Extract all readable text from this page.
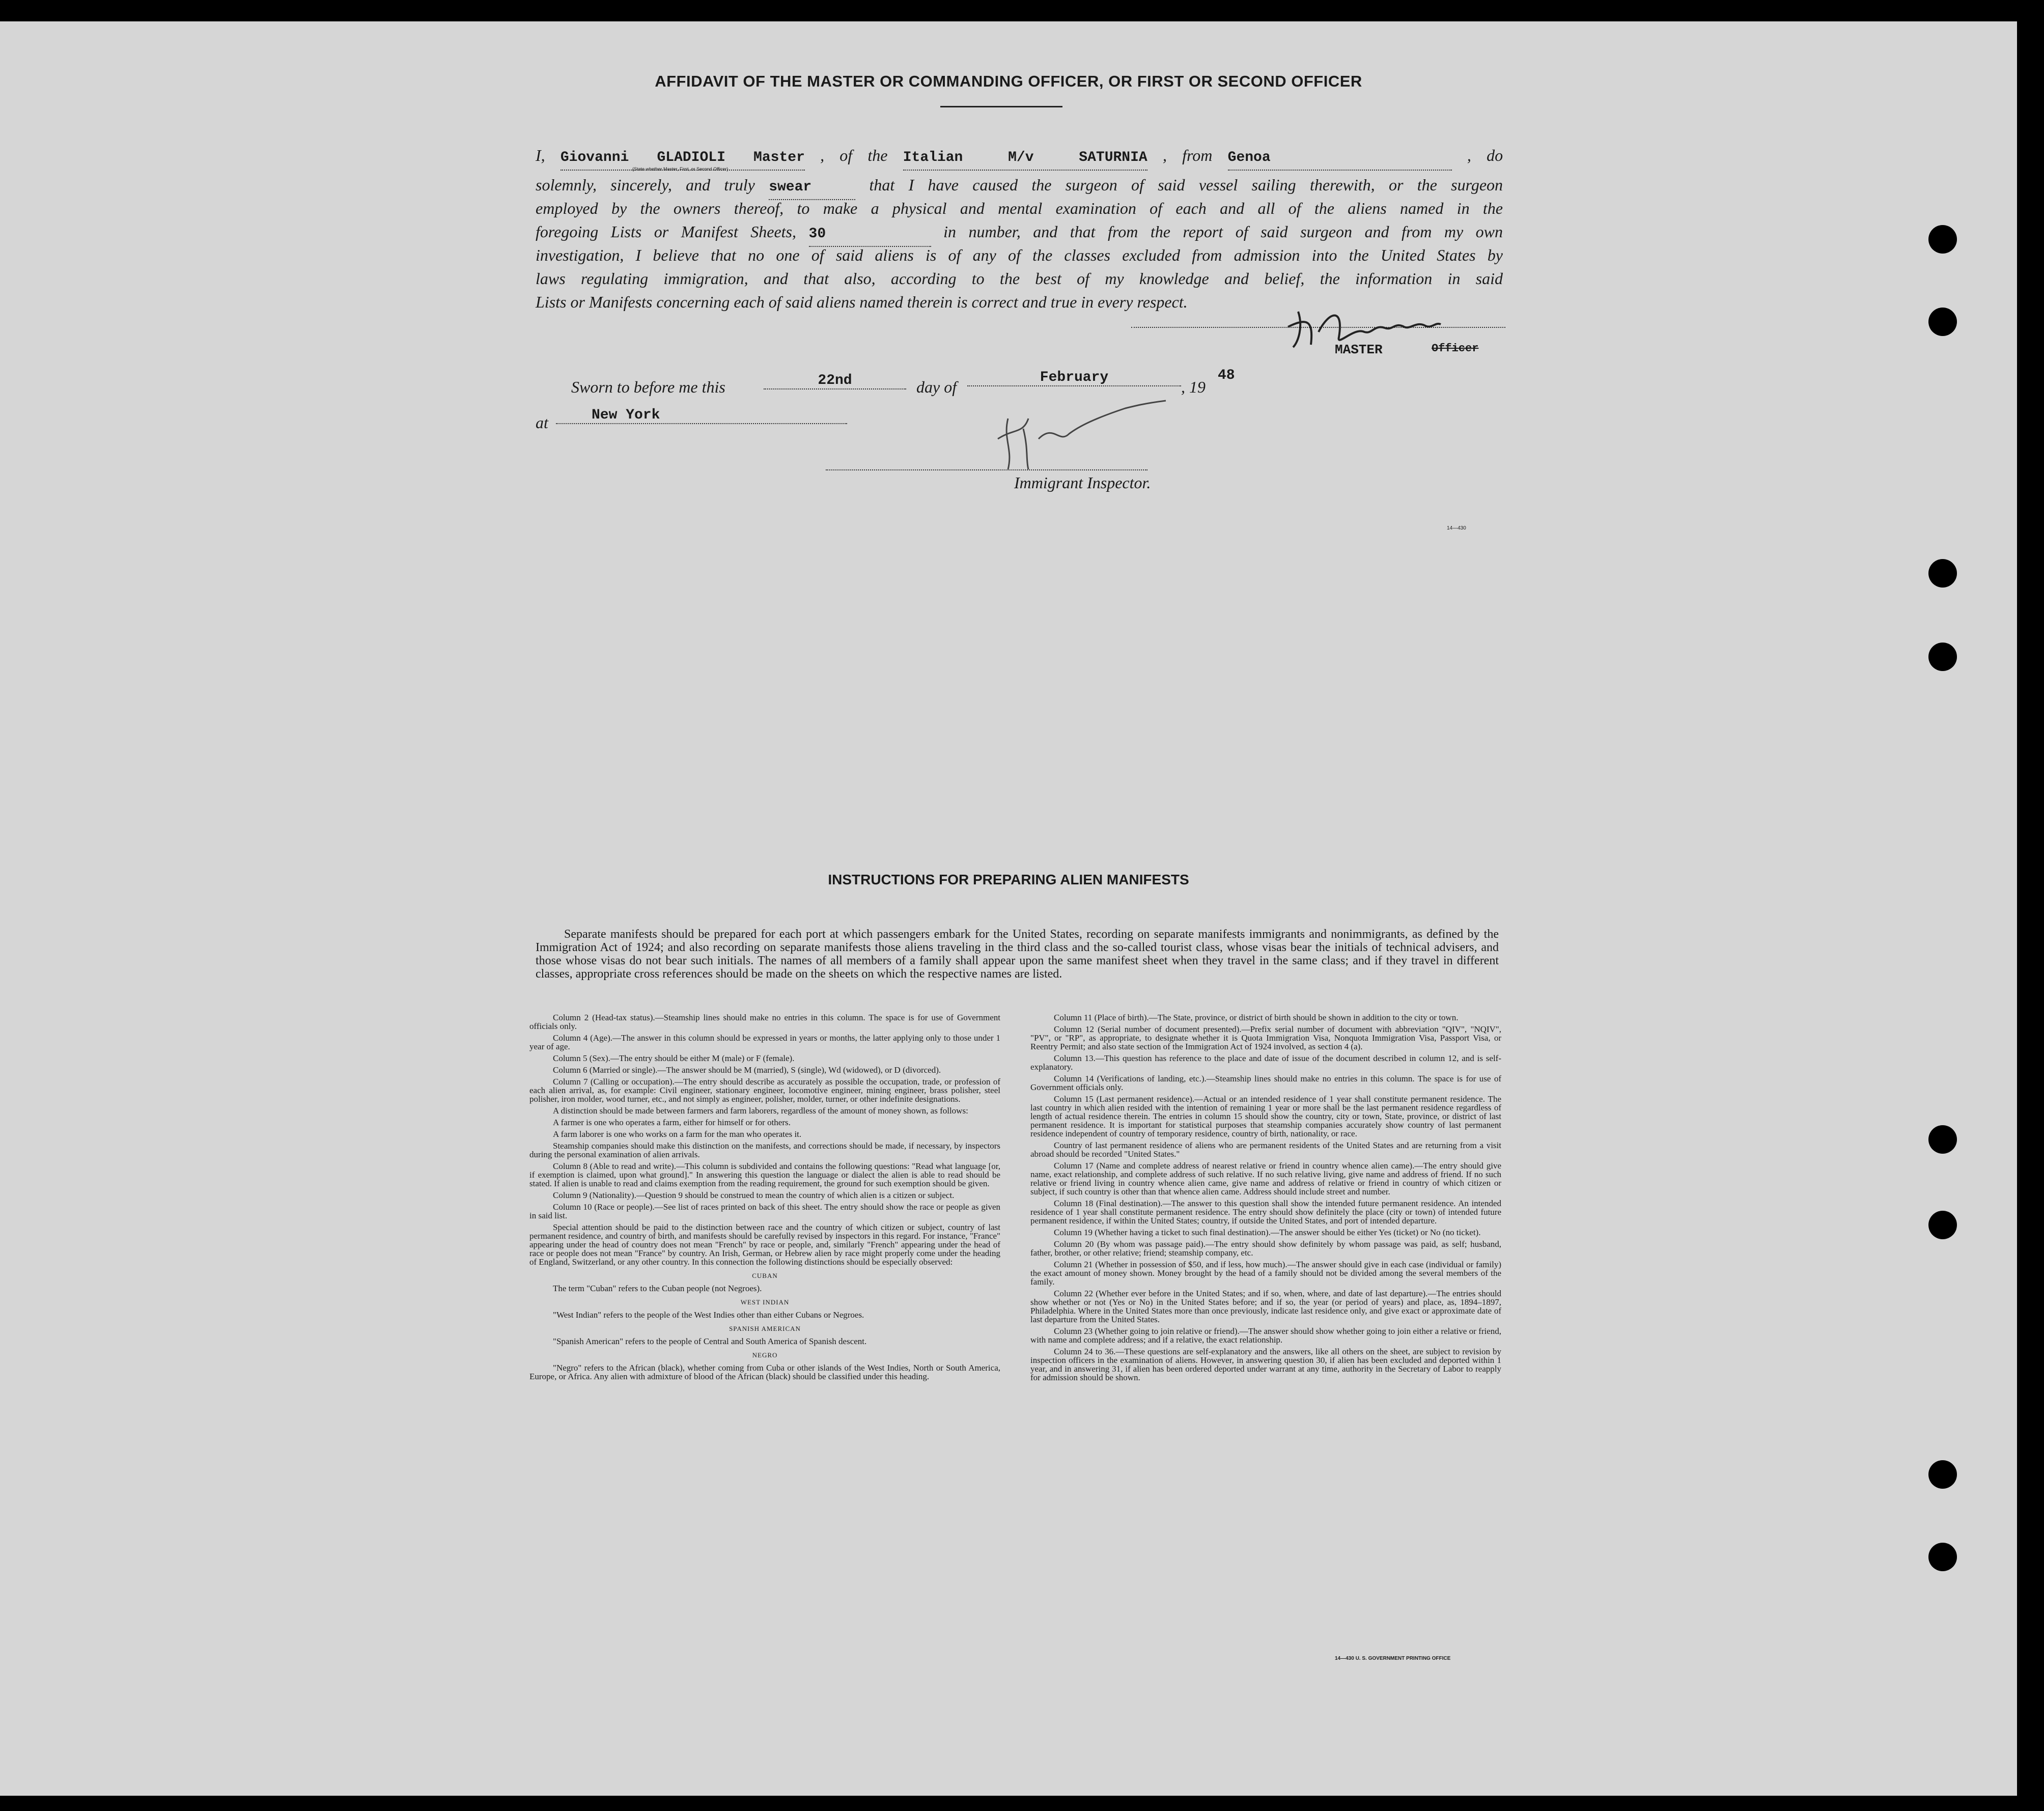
AFFIDAVIT OF THE MASTER OR COMMANDING OFFICER, OR FIRST OR SECOND OFFICER
I, Giovanni GLADIOLI Master , of the Italian M/v SATURNIA , from Genoa	, do
(State whether Master, First, or Second Officer)
solemnly, sincerely, and truly swear	that I have caused the surgeon of said vessel sailing therewith, or the surgeon
employed by the owners thereof, to make a physical and mental examination of each and all of the aliens named in the
foregoing Lists or Manifest Sheets, 30	in number, and that from the report of said surgeon and from my own
investigation, I believe that no one of said aliens is of any of the classes excluded from admission into the United States by
laws regulating immigration, and that also, according to the best of my knowledge and belief, the information in said
Lists or Manifests concerning each of said aliens named therein is correct and true in every respect.
MASTER	Officer
Sworn to before me this	22nd	day of
February
, 19
48
at	New York
Immigrant Inspector.
14—430
INSTRUCTIONS FOR PREPARING ALIEN MANIFESTS

Separate manifests should be prepared for each port at which passengers embark for the United States, recording on separate manifests immigrants and nonimmigrants, as defined by the Immigration Act of 1924; and also recording on separate manifests those aliens traveling in the third class and the so-called tourist class, whose visas bear the initials of technical advisers, and those whose visas do not bear such initials. The names of all members of a family shall appear upon the same manifest sheet when they travel in the same class; and if they travel in different classes, appropriate cross references should be made on the sheets on which the respective names are listed.

Column 2 (Head-tax status).—Steamship lines should make no entries in this column. The space is for use of Government officials only.

Column 4 (Age).—The answer in this column should be expressed in years or months, the latter applying only to those under 1 year of age.

Column 5 (Sex).—The entry should be either M (male) or F (female).

Column 6 (Married or single).—The answer should be M (married), S (single), Wd (widowed), or D (divorced).

Column 7 (Calling or occupation).—The entry should describe as accurately as possible the occupation, trade, or profession of each alien arrival, as, for example: Civil engineer, stationary engineer, locomotive engineer, mining engineer, brass polisher, steel polisher, iron molder, wood turner, etc., and not simply as engineer, polisher, molder, turner, or other indefinite designations.

A distinction should be made between farmers and farm laborers, regardless of the amount of money shown, as follows:

A farmer is one who operates a farm, either for himself or for others.

A farm laborer is one who works on a farm for the man who operates it.

Steamship companies should make this distinction on the manifests, and corrections should be made, if necessary, by inspectors during the personal examination of alien arrivals.

Column 8 (Able to read and write).—This column is subdivided and contains the following questions: "Read what language [or, if exemption is claimed, upon what ground]." In answering this question the language or dialect the alien is able to read should be stated. If alien is unable to read and claims exemption from the reading requirement, the ground for such exemption should be given.

Column 9 (Nationality).—Question 9 should be construed to mean the country of which alien is a citizen or subject.

Column 10 (Race or people).—See list of races printed on back of this sheet. The entry should show the race or people as given in said list.

Special attention should be paid to the distinction between race and the country of which citizen or subject, country of last permanent residence, and country of birth, and manifests should be carefully revised by inspectors in this regard. For instance, "France" appearing under the head of country does not mean "French" by race or people, and, similarly "French" appearing under the head of race or people does not mean "France" by country. An Irish, German, or Hebrew alien by race might properly come under the heading of England, Switzerland, or any other country. In this connection the following distinctions should be especially observed:

CUBAN

The term "Cuban" refers to the Cuban people (not Negroes).

WEST INDIAN

"West Indian" refers to the people of the West Indies other than either Cubans or Negroes.

SPANISH AMERICAN

"Spanish American" refers to the people of Central and South America of Spanish descent.

NEGRO

"Negro" refers to the African (black), whether coming from Cuba or other islands of the West Indies, North or South America, Europe, or Africa. Any alien with admixture of blood of the African (black) should be classified under this heading.

Column 11 (Place of birth).—The State, province, or district of birth should be shown in addition to the city or town.

Column 12 (Serial number of document presented).—Prefix serial number of document with abbreviation "QIV", "NQIV", "PV", or "RP", as appropriate, to designate whether it is Quota Immigration Visa, Nonquota Immigration Visa, Passport Visa, or Reentry Permit; and also state section of the Immigration Act of 1924 involved, as section 4 (a).

Column 13.—This question has reference to the place and date of issue of the document described in column 12, and is self-explanatory.

Column 14 (Verifications of landing, etc.).—Steamship lines should make no entries in this column. The space is for use of Government officials only.

Column 15 (Last permanent residence).—Actual or an intended residence of 1 year shall constitute permanent residence. The last country in which alien resided with the intention of remaining 1 year or more shall be the last permanent residence regardless of length of actual residence therein. The entries in column 15 should show the country, city or town, State, province, or district of last permanent residence. It is important for statistical purposes that steamship companies accurately show country of last permanent residence independent of country of temporary residence, country of birth, nationality, or race.

Country of last permanent residence of aliens who are permanent residents of the United States and are returning from a visit abroad should be recorded "United States."

Column 17 (Name and complete address of nearest relative or friend in country whence alien came).—The entry should give name, exact relationship, and complete address of such relative. If no such relative living, give name and address of friend. If no such relative or friend living in country whence alien came, give name and address of relative or friend in country of which citizen or subject, if such country is other than that whence alien came. Address should include street and number.

Column 18 (Final destination).—The answer to this question shall show the intended future permanent residence. An intended residence of 1 year shall constitute permanent residence. The entry should show definitely the place (city or town) of intended future permanent residence, if within the United States; country, if outside the United States, and port of intended departure.

Column 19 (Whether having a ticket to such final destination).—The answer should be either Yes (ticket) or No (no ticket).

Column 20 (By whom was passage paid).—The entry should show definitely by whom passage was paid, as self; husband, father, brother, or other relative; friend; steamship company, etc.

Column 21 (Whether in possession of $50, and if less, how much).—The answer should give in each case (individual or family) the exact amount of money shown. Money brought by the head of a family should not be divided among the several members of the family.

Column 22 (Whether ever before in the United States; and if so, when, where, and date of last departure).—The entries should show whether or not (Yes or No) in the United States before; and if so, the year (or period of years) and place, as, 1894–1897, Philadelphia. Where in the United States more than once previously, indicate last residence only, and give exact or approximate date of last departure from the United States.

Column 23 (Whether going to join relative or friend).—The answer should show whether going to join either a relative or friend, with name and complete address; and if a relative, the exact relationship.

Column 24 to 36.—These questions are self-explanatory and the answers, like all others on the sheet, are subject to revision by inspection officers in the examination of aliens. However, in answering question 30, if alien has been excluded and deported within 1 year, and in answering 31, if alien has been ordered deported under warrant at any time, authority in the Secretary of Labor to reapply for admission should be shown.

14—430 U. S. GOVERNMENT PRINTING OFFICE
